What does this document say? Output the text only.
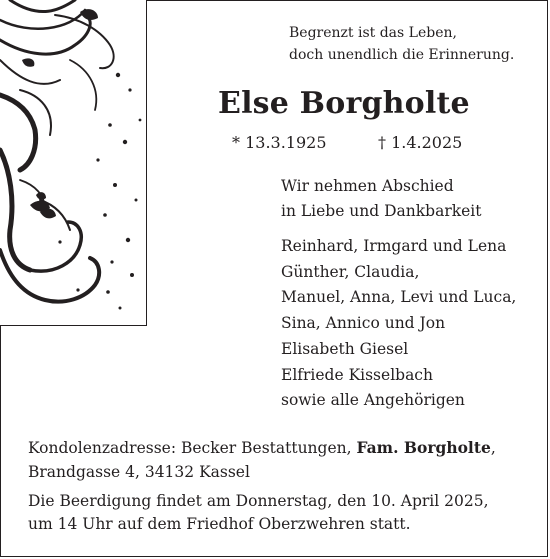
Begrenzt ist das Leben,
doch unendlich die Erinnerung.
Else Borgholte
* 13.3.1925	† 1.4.2025
Wir nehmen Abschied
in Liebe und Dankbarkeit
Reinhard, Irmgard und Lena
Günther, Claudia,
Manuel, Anna, Levi und Luca,
Sina, Annico und Jon
Elisabeth Giesel
Elfriede Kisselbach
sowie alle Angehörigen
Kondolenzadresse: Becker Bestattungen, Fam. Borgholte,
Brandgasse 4, 34132 Kassel
Die Beerdigung findet am Donnerstag, den 10. April 2025,
um 14 Uhr auf dem Friedhof Oberzwehren statt.
